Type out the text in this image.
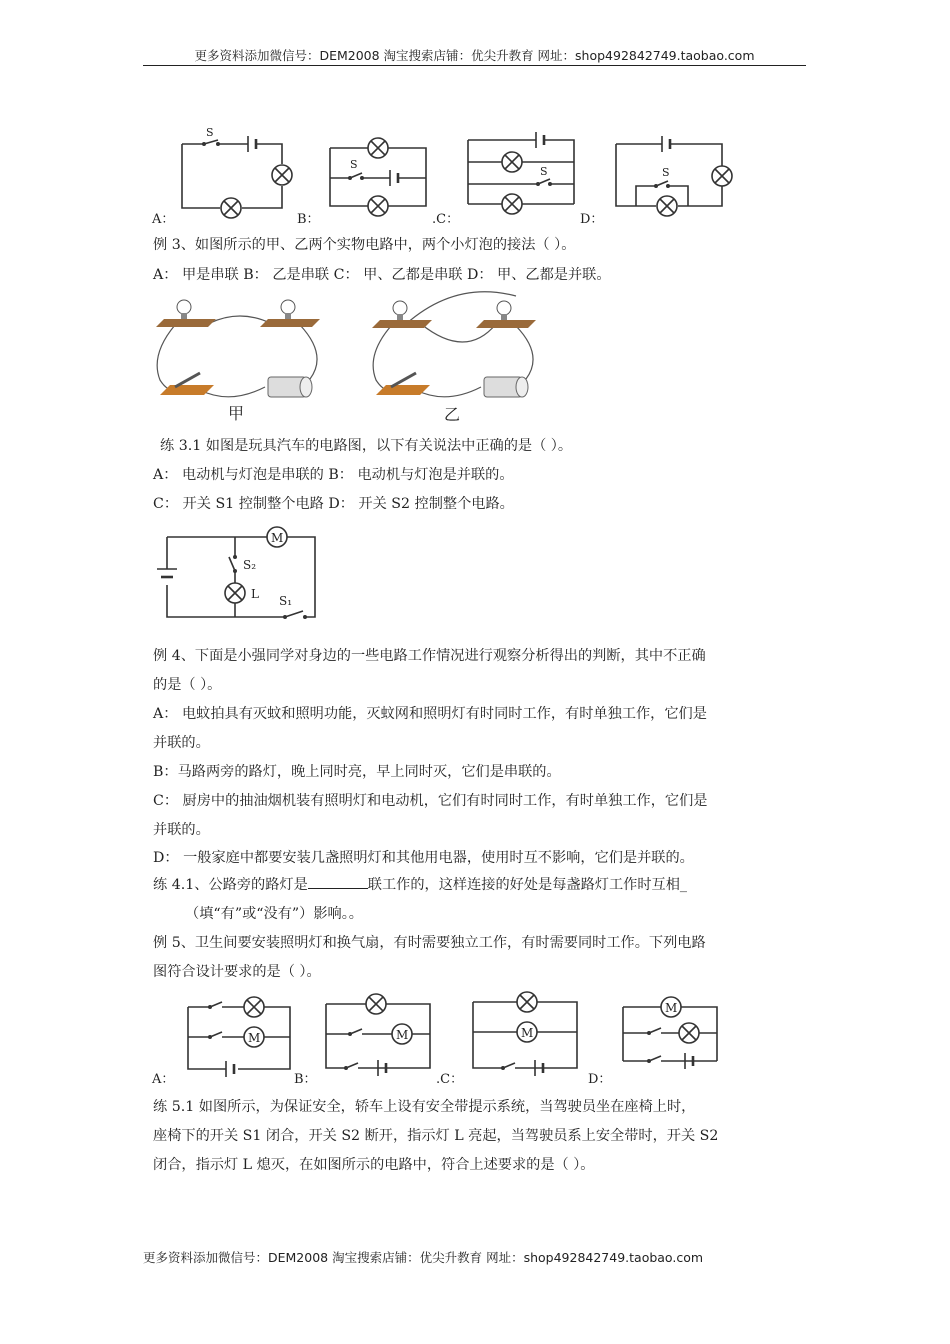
更多资料添加微信号：DEM2008 淘宝搜索店铺：优尖升教育 网址：shop492842749.taobao.com
S
S
S	S
A：	B：	.C：	D：
例 3、如图所示的甲、乙两个实物电路中，两个小灯泡的接法（ ）。
A： 甲是串联 B： 乙是串联 C： 甲、乙都是串联 D： 甲、乙都是并联。
甲	乙
练 3.1 如图是玩具汽车的电路图，以下有关说法中正确的是（ ）。
A： 电动机与灯泡是串联的 B： 电动机与灯泡是并联的。
C： 开关 S1 控制整个电路 D： 开关 S2 控制整个电路。
M
S₂
L S₁
例 4、下面是小强同学对身边的一些电路工作情况进行观察分析得出的判断，其中不正确
的是（ ）。
A： 电蚊拍具有灭蚊和照明功能，灭蚊网和照明灯有时同时工作，有时单独工作，它们是
并联的。
B：马路两旁的路灯，晚上同时亮，早上同时灭，它们是串联的。
C： 厨房中的抽油烟机装有照明灯和电动机，它们有时同时工作，有时单独工作，它们是
并联的。
D： 一般家庭中都要安装几盏照明灯和其他用电器，使用时互不影响，它们是并联的。
练 4.1、公路旁的路灯是	联工作的，这样连接的好处是每盏路灯工作时互相_
（填“有”或“没有”）影响。。
例 5、卫生间要安装照明灯和换气扇，有时需要独立工作，有时需要同时工作。下列电路
图符合设计要求的是（ ）。
M	M	M
M
A：	B：	.C：	D：
练 5.1 如图所示，为保证安全，轿车上设有安全带提示系统，当驾驶员坐在座椅上时，
座椅下的开关 S1 闭合，开关 S2 断开，指示灯 L 亮起，当驾驶员系上安全带时，开关 S2
闭合，指示灯 L 熄灭，在如图所示的电路中，符合上述要求的是（ ）。
更多资料添加微信号：DEM2008 淘宝搜索店铺：优尖升教育 网址：shop492842749.taobao.com
